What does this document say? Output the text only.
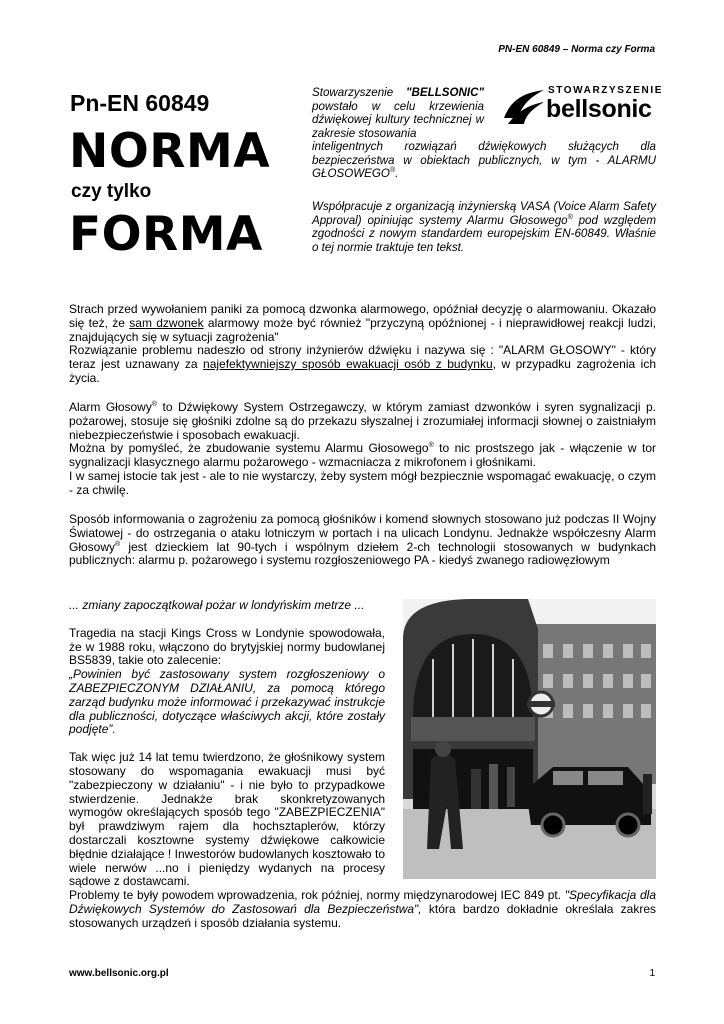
PN-EN 60849 – Norma czy Forma
Pn-EN 60849
NORMA
czy tylko
FORMA
Stowarzyszenie "BELLSONIC" powstało w celu krzewienia dźwiękowej kultury technicznej w zakresie stosowania
inteligentnych rozwiązań dźwiękowych służących dla bezpieczeństwa w obiektach publicznych, w tym - ALARMU GŁOSOWEGO®.
Współpracuje z organizacją inżynierską VASA (Voice Alarm Safety Approval) opiniując systemy Alarmu Głosowego® pod względem zgodności z nowym standardem europejskim EN-60849. Właśnie o tej normie traktuje ten tekst.
STOWARZYSZENIE
bellsonic

Strach przed wywołaniem paniki za pomocą dzwonka alarmowego, opóźniał decyzję o alarmowaniu. Okazało się też, że sam dzwonek alarmowy może być również "przyczyną opóźnionej - i nieprawidłowej reakcji ludzi, znajdujących się w sytuacji zagrożenia"

Rozwiązanie problemu nadeszło od strony inżynierów dźwięku i nazywa się : "ALARM GŁOSOWY" - który teraz jest uznawany za najefektywniejszy sposób ewakuacji osób z budynku, w przypadku zagrożenia ich życia.

Alarm Głosowy® to Dźwiękowy System Ostrzegawczy, w którym zamiast dzwonków i syren sygnalizacji p. pożarowej, stosuje się głośniki zdolne są do przekazu słyszalnej i zrozumiałej informacji słownej o zaistniałym niebezpieczeństwie i sposobach ewakuacji.

Można by pomyśleć, że zbudowanie systemu Alarmu Głosowego® to nic prostszego jak - włączenie w tor sygnalizacji klasycznego alarmu pożarowego - wzmacniacza z mikrofonem i głośnikami.

I w samej istocie tak jest - ale to nie wystarczy, żeby system mógł bezpiecznie wspomagać ewakuację, o czym - za chwilę.

Sposób informowania o zagrożeniu za pomocą głośników i komend słownych stosowano już podczas II Wojny Światowej - do ostrzegania o ataku lotniczym w portach i na ulicach Londynu. Jednakże współczesny Alarm Głosowy® jest dzieckiem lat 90-tych i wspólnym dziełem 2-ch technologii stosowanych w budynkach publicznych: alarmu p. pożarowego i systemu rozgłoszeniowego PA - kiedyś zwanego radiowęzłowym

... zmiany zapoczątkował pożar w londyńskim metrze ...

Tragedia na stacji Kings Cross w Londynie spowodowała, że w 1988 roku, włączono do brytyjskiej normy budowlanej BS5839, takie oto zalecenie:

„Powinien być zastosowany system rozgłoszeniowy o ZABEZPIECZONYM DZIAŁANIU, za pomocą którego zarząd budynku może informować i przekazywać instrukcje dla publiczności, dotyczące właściwych akcji, które zostały podjęte”.

Tak więc już 14 lat temu twierdzono, że głośnikowy system stosowany do wspomagania ewakuacji musi być "zabezpieczony w działaniu" - i nie było to przypadkowe stwierdzenie. Jednakże brak skonkretyzowanych wymogów określających sposób tego "ZABEZPIECZENIA" był prawdziwym rajem dla hochsztaplerów, którzy dostarczali kosztowne systemy dźwiękowe całkowicie błędnie działające ! Inwestorów budowlanych kosztowało to wiele nerwów ...no i pieniędzy wydanych na procesy sądowe z dostawcami.

Problemy te były powodem wprowadzenia, rok później, normy międzynarodowej IEC 849 pt. "Specyfikacja dla Dźwiękowych Systemów do Zastosowań dla Bezpieczeństwa", która bardzo dokładnie określała zakres stosowanych urządzeń i sposób działania systemu.

www.bellsonic.org.pl	1
